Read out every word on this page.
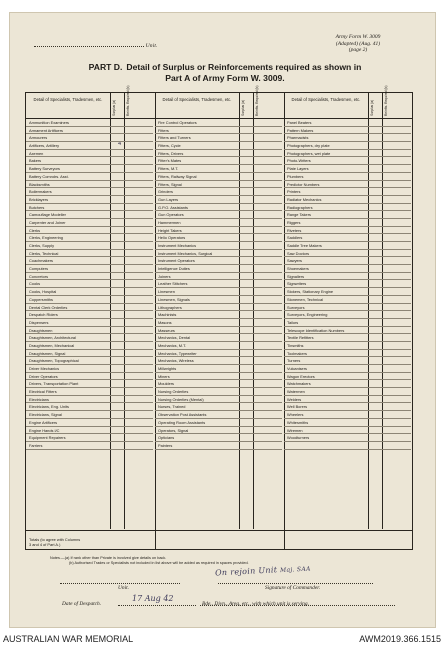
Unit.
Army Form W. 3009
(Adapted) (Aug. 41)
(page 2)
PART D. Detail of Surplus or Reinforcements required as shown in
Part A of Army Form W. 3009.
Totals (to agree with Columns
3 and 4 of Part A.)
4
Detail of Specialists, Tradesmen, etc.
Surplus (a)	Reinfts. Required (b)
Ammunition Examiners
Armament Artificers
Armourers
Artificers, Artillery
Axemen
Bakers
Battery Surveyors
Battery Comndrs. Asst.
Blacksmiths
Boilermakers
Bricklayers
Butchers
Camouflage Modeller
Carpenter and Joiner
Clerks
Clerks, Engineering
Clerks, Supply
Clerks, Technical
Coachmakers
Computers
Concretors
Cooks
Cooks, Hospital
Coppersmiths
Dental Clerk Orderlies
Despatch Riders
Dispensers
Draughtsmen
Draughtsmen, Architectural
Draughtsmen, Mechanical
Draughtsmen, Signal
Draughtsmen, Topographical
Driver Mechanics
Driver Operators
Drivers, Transportation Plant
Electrical Fitters
Electricians
Electricians, Eng. Units
Electricians, Signal
Engine Artificers
Engine Hands I/C
Equipment Repairers
Farriers
Detail of Specialists, Tradesmen, etc.
Surplus (a)	Reinfts. Required (b)
Fire Control Operators
Fitters
Fitters and Turners
Fitters, Cycle
Fitters, Drivers
Fitter's Mates
Fitters, M.T.
Fitters, Railway Signal
Fitters, Signal
Grinders
Gun Layers
G.P.O. Assistants
Gun Operators
Hammermen
Height Takers
Helio Operators
Instrument Mechanics
Instrument Mechanics, Surgical
Instrument Operators
Intelligence Duties
Joiners
Leather Stitchers
Linesmen
Linesmen, Signals
Lithographers
Machinists
Masons
Masseurs
Mechanics, Dental
Mechanics, M.T.
Mechanics, Typewriter
Mechanics, Wireless
Millwrights
Miners
Moulders
Nursing Orderlies
Nursing Orderlies (Mental)
Nurses, Trained
Observation Post Assistants
Operating Room Assistants
Operators, Signal
Opticians
Painters
Detail of Specialists, Tradesmen, etc.
Surplus (a)	Reinfts. Required (b)
Panel Beaters
Pattern Makers
Pharmacists
Photographers, dry plate
Photographers, wet plate
Photo-Writers
Plate Layers
Plumbers
Predictor Numbers
Printers
Radiator Mechanics
Radiographers
Range Takers
Riggers
Riveters
Saddlers
Saddle Tree Makers
Saw Doctors
Sawyers
Shoemakers
Signallers
Signwriters
Stokers, Stationary Engine
Stonemen, Technical
Surveyors
Surveyors, Engineering
Tailors
Telescope Identification Numbers
Textile Refitters
Tinsmiths
Toolmakers
Turners
Vulcanisers
Wagon Erectors
Watchmakers
Watermen
Welders
Well Borers
Wheelers
Whitesmiths
Wiremen
Woodturners
Notes.—(a) If rank other than Private is involved give details on back.
(b) Authorised Trades or Specialists not included in list above will be added as required in spaces provided.
Unit.	Signature of Commander.
On rejoin Unit Maj. SAA
Date of Despatch.
17 Aug 42
Bde., Divn., Area, etc., with which unit is serving.
AUSTRALIAN WAR MEMORIAL	AWM2019.366.1515
